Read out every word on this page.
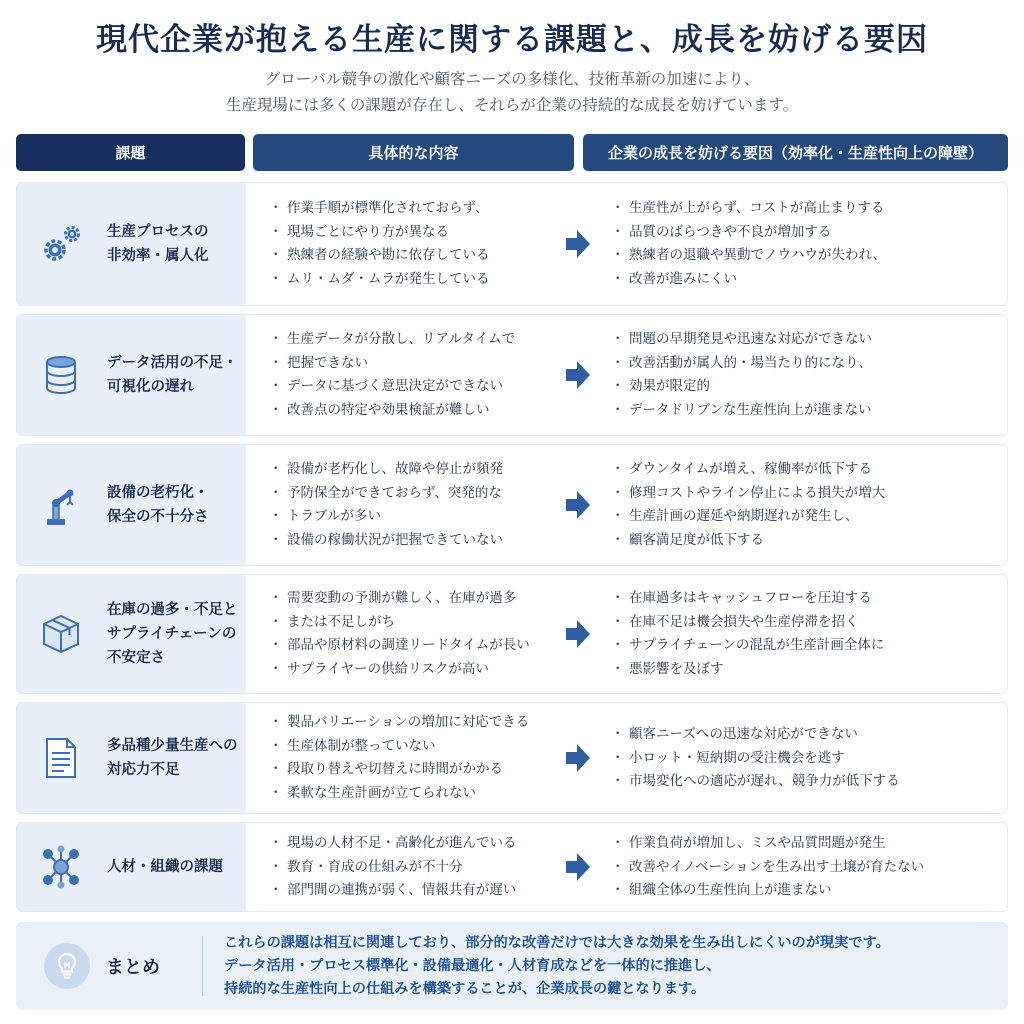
現代企業が抱える生産に関する課題と、成長を妨げる要因
グローバル競争の激化や顧客ニーズの多様化、技術革新の加速により、
生産現場には多くの課題が存在し、それらが企業の持続的な成長を妨げています。
課題	具体的な内容	企業の成長を妨げる要因（効率化・生産性向上の障壁）
生産プロセスの
非効率・属人化
・ 作業手順が標準化されておらず、
・ 現場ごとにやり方が異なる
・ 熟練者の経験や勘に依存している
・ ムリ・ムダ・ムラが発生している
・ 生産性が上がらず、コストが高止まりする
・ 品質のばらつきや不良が増加する
・ 熟練者の退職や異動でノウハウが失われ、
・ 改善が進みにくい
データ活用の不足・
可視化の遅れ
・ 生産データが分散し、リアルタイムで
・ 把握できない
・ データに基づく意思決定ができない
・ 改善点の特定や効果検証が難しい
・ 問題の早期発見や迅速な対応ができない
・ 改善活動が属人的・場当たり的になり、
・ 効果が限定的
・ データドリブンな生産性向上が進まない
設備の老朽化・
保全の不十分さ
・ 設備が老朽化し、故障や停止が頻発
・ 予防保全ができておらず、突発的な
・ トラブルが多い
・ 設備の稼働状況が把握できていない
・ ダウンタイムが増え、稼働率が低下する
・ 修理コストやライン停止による損失が増大
・ 生産計画の遅延や納期遅れが発生し、
・ 顧客満足度が低下する
在庫の過多・不足と
サプライチェーンの
不安定さ
・ 需要変動の予測が難しく、在庫が過多
・ または不足しがち
・ 部品や原材料の調達リードタイムが長い
・ サプライヤーの供給リスクが高い
・ 在庫過多はキャッシュフローを圧迫する
・ 在庫不足は機会損失や生産停滞を招く
・ サプライチェーンの混乱が生産計画全体に
・ 悪影響を及ぼす
多品種少量生産への
対応力不足
・ 製品バリエーションの増加に対応できる
・ 生産体制が整っていない
・ 段取り替えや切替えに時間がかかる
・ 柔軟な生産計画が立てられない
・ 顧客ニーズへの迅速な対応ができない
・ 小ロット・短納期の受注機会を逃す
・ 市場変化への適応が遅れ、競争力が低下する
人材・組織の課題
・ 現場の人材不足・高齢化が進んでいる
・ 教育・育成の仕組みが不十分
・ 部門間の連携が弱く、情報共有が遅い
・ 作業負荷が増加し、ミスや品質問題が発生
・ 改善やイノベーションを生み出す土壌が育たない
・ 組織全体の生産性向上が進まない
まとめ
これらの課題は相互に関連しており、部分的な改善だけでは大きな効果を生み出しにくいのが現実です。
データ活用・プロセス標準化・設備最適化・人材育成などを一体的に推進し、
持続的な生産性向上の仕組みを構築することが、企業成長の鍵となります。
